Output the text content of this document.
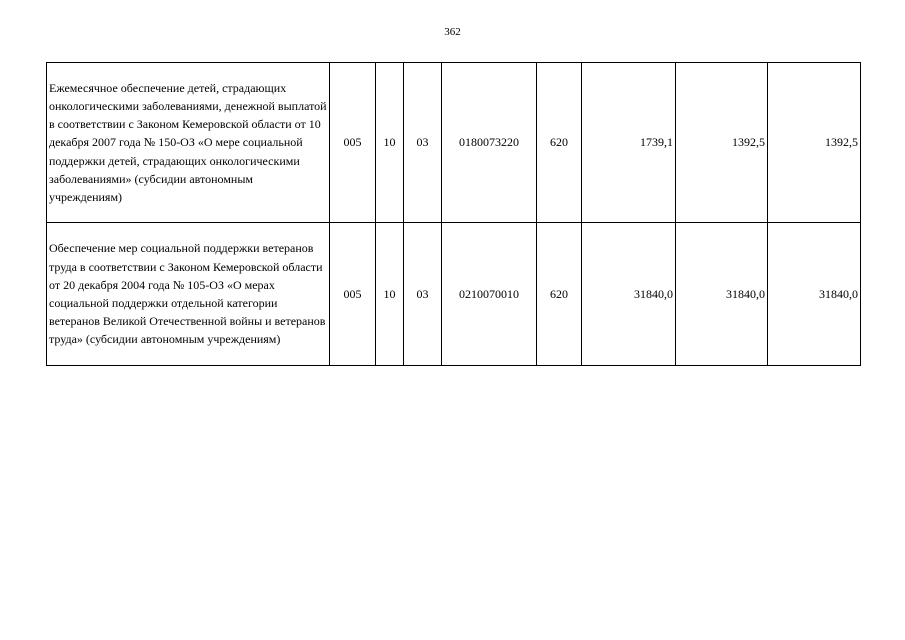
362
Ежемесячное обеспечение детей, страдающих онкологическими заболеваниями, денежной выплатой в соответствии с Законом Кемеровской области от 10 декабря 2007 года № 150-ОЗ «О мере социальной поддержки детей, страдающих онкологическими заболеваниями» (субсидии автономным учреждениям)	005	10	03	0180073220	620	1739,1	1392,5	1392,5
Обеспечение мер социальной поддержки ветеранов труда в соответствии с Законом Кемеровской области от 20 декабря 2004 года № 105-ОЗ «О мерах социальной поддержки отдельной категории ветеранов Великой Отечественной войны и ветеранов труда» (субсидии автономным учреждениям)	005	10	03	0210070010	620	31840,0	31840,0	31840,0
